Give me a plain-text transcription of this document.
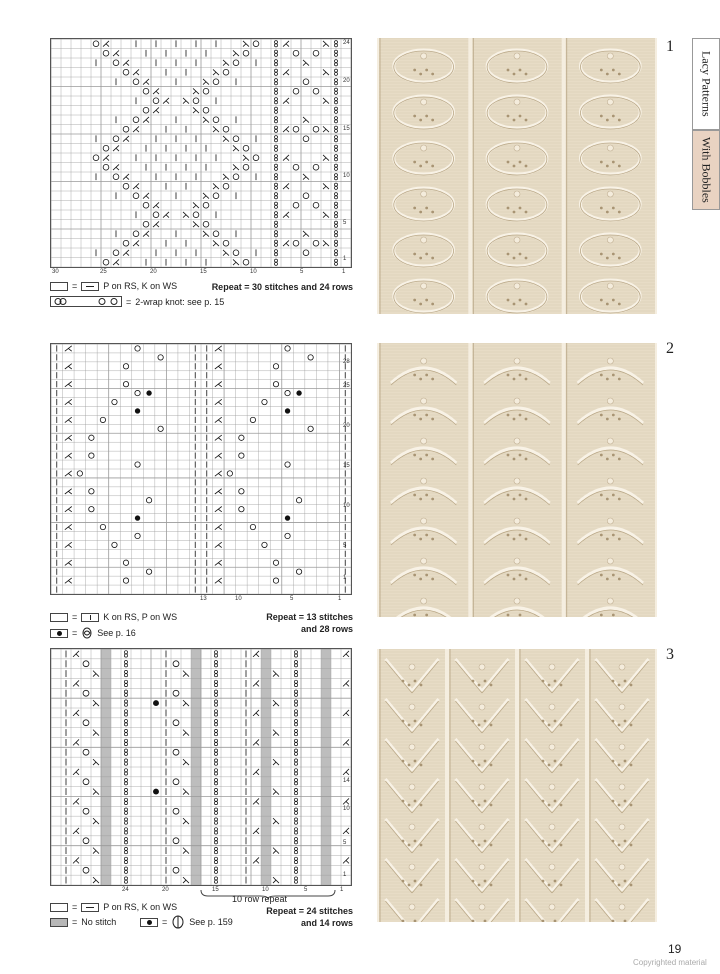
Lacy Patterns
With Bobbles
30	25	20	15	10	5	1
24
20
15
10
5
1
=	P on RS, K on WS	Repeat = 30 stitches and 24 rows
= 2-wrap knot: see p. 15
1
13	10	5	1
28
25
20
15
10
5
1
=	K on RS, P on WS
= See p. 16
Repeat = 13 stitches
and 28 rows
2
24	20	15	10	5	1
14
10
5
1
10 row repeat
=	P on RS, K on WS
= No stitch	= See p. 159
Repeat = 24 stitches
and 14 rows
3
19
Copyrighted material
